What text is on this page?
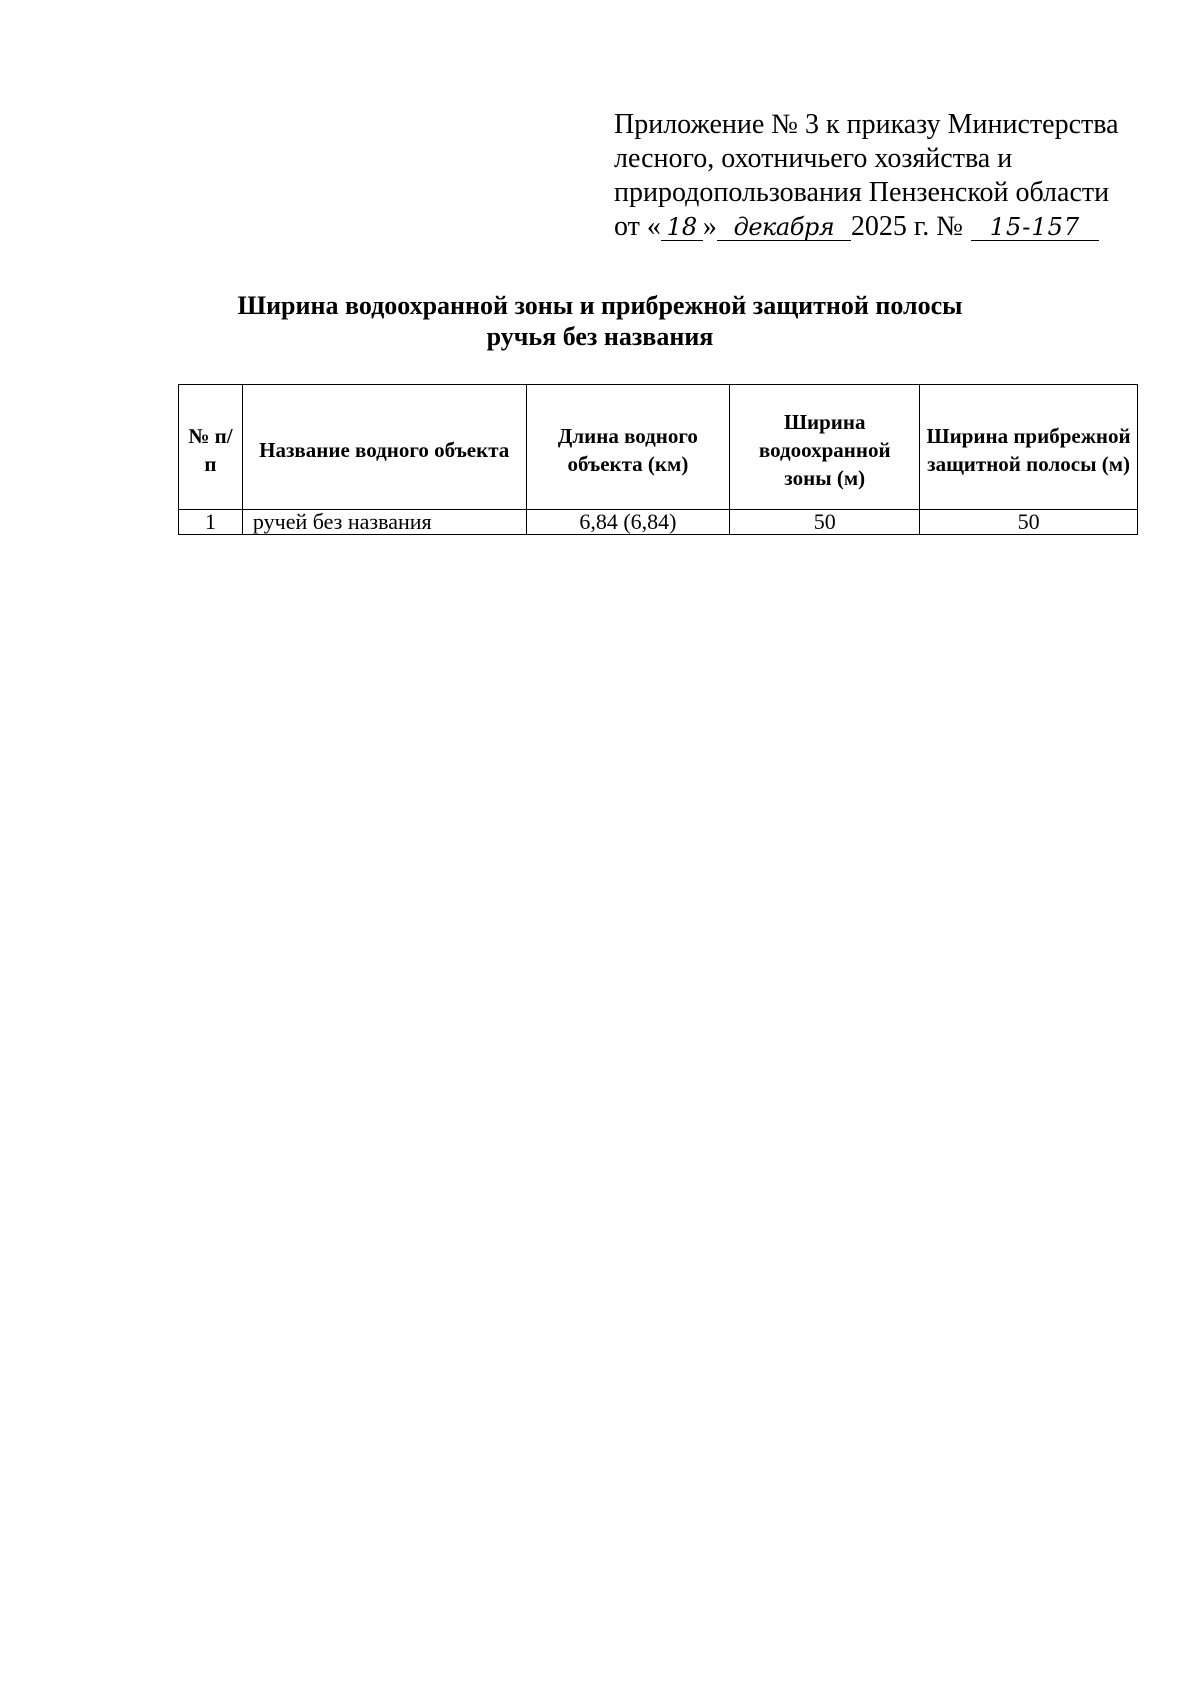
Приложение № 3 к приказу Министерства
лесного, охотничьего хозяйства и
природопользования Пензенской области
от « 18 » декабря 2025 г. № 15-157
Ширина водоохранной зоны и прибрежной защитной полосы
ручья без названия
№ п/п	Название водного объекта	Длина водного объекта (км)	Ширина водоохранной зоны (м)	Ширина прибрежной защитной полосы (м)
1	ручей без названия	6,84 (6,84)	50	50
